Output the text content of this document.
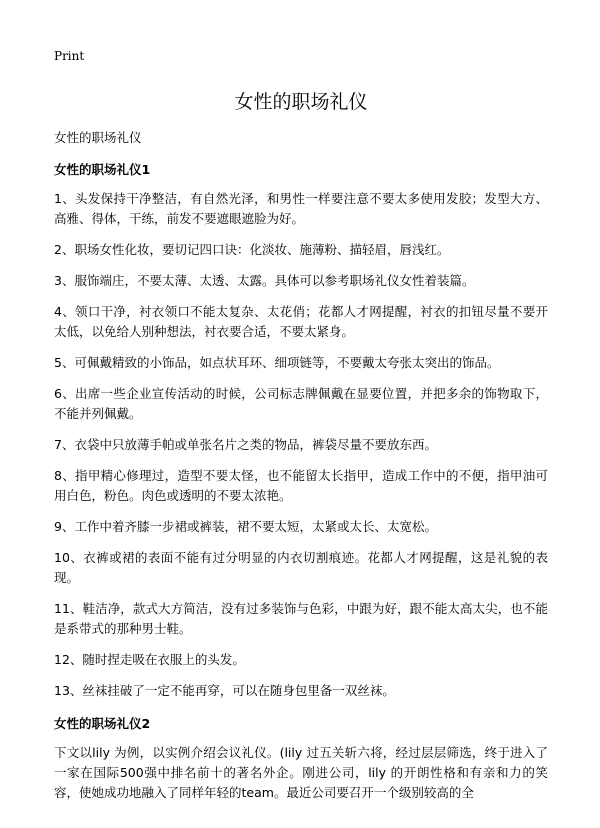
Print
女性的职场礼仪

女性的职场礼仪

女性的职场礼仪1

1、头发保持干净整洁，有自然光泽，和男性一样要注意不要太多使用发胶；发型大方、高雅、得体，干练，前发不要遮眼遮脸为好。

2、职场女性化妆，要切记四口诀：化淡妆、施薄粉、描轻眉，唇浅红。

3、服饰端庄，不要太薄、太透、太露。具体可以参考职场礼仪女性着装篇。

4、领口干净，衬衣领口不能太复杂、太花俏；花都人才网提醒，衬衣的扣钮尽量不要开太低，以免给人别种想法，衬衣要合适，不要太紧身。

5、可佩戴精致的小饰品，如点状耳环、细项链等，不要戴太夸张太突出的饰品。

6、出席一些企业宣传活动的时候，公司标志牌佩戴在显要位置，并把多余的饰物取下，不能并列佩戴。

7、衣袋中只放薄手帕或单张名片之类的物品，裤袋尽量不要放东西。

8、指甲精心修理过，造型不要太怪，也不能留太长指甲，造成工作中的不便，指甲油可用白色，粉色。肉色或透明的不要太浓艳。

9、工作中着齐膝一步裙或裤装，裙不要太短，太紧或太长、太宽松。

10、衣裤或裙的表面不能有过分明显的内衣切割痕迹。花都人才网提醒，这是礼貌的表现。

11、鞋洁净，款式大方简洁，没有过多装饰与色彩，中跟为好，跟不能太高太尖，也不能是系带式的那种男士鞋。

12、随时捏走吸在衣服上的头发。

13、丝袜挂破了一定不能再穿，可以在随身包里备一双丝袜。

女性的职场礼仪2

下文以lily 为例，以实例介绍会议礼仪。(lily 过五关斩六将，经过层层筛选，终于进入了一家在国际500强中排名前十的著名外企。刚进公司，lily 的开朗性格和有亲和力的笑容，使她成功地融入了同样年轻的team。最近公司要召开一个级别较高的全
